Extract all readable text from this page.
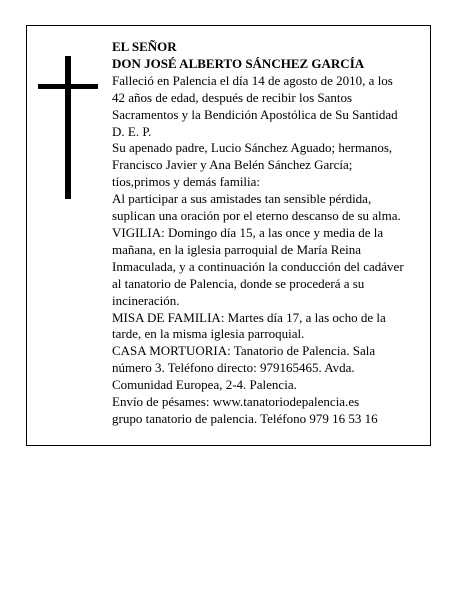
EL SEÑOR
DON JOSÉ ALBERTO SÁNCHEZ GARCÍA
Falleció en Palencia el día 14 de agosto de 2010, a los
42 años de edad, después de recibir los Santos
Sacramentos y la Bendición Apostólica de Su Santidad
D. E. P.
Su apenado padre, Lucio Sánchez Aguado; hermanos,
Francisco Javier y Ana Belén Sánchez García;
tíos,primos y demás familia:
Al participar a sus amistades tan sensible pérdida,
suplican una oración por el eterno descanso de su alma.
VIGILIA: Domingo día 15, a las once y media de la
mañana, en la iglesia parroquial de María Reina
Inmaculada, y a continuación la conducción del cadáver
al tanatorio de Palencia, donde se procederá a su
incineración.
MISA DE FAMILIA: Martes día 17, a las ocho de la
tarde, en la misma iglesia parroquial.
CASA MORTUORIA: Tanatorio de Palencia. Sala
número 3. Teléfono directo: 979165465. Avda.
Comunidad Europea, 2-4. Palencia.
Envío de pésames: www.tanatoriodepalencia.es
grupo tanatorio de palencia. Teléfono 979 16 53 16
